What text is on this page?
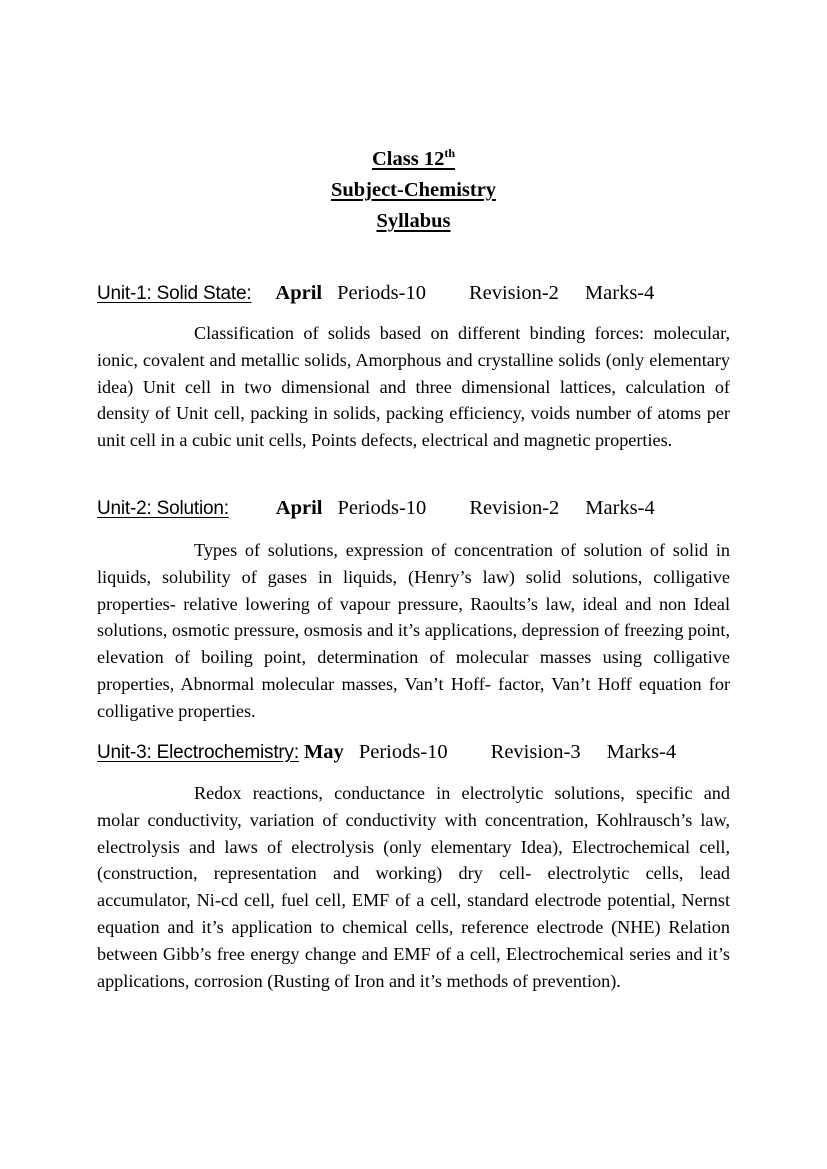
Class 12th
Subject-Chemistry
Syllabus
Unit-1: Solid State: April Periods-10 Revision-2 Marks-4
Classification of solids based on different binding forces: molecular, ionic, covalent and metallic solids, Amorphous and crystalline solids (only elementary idea) Unit cell in two dimensional and three dimensional lattices, calculation of density of Unit cell, packing in solids, packing efficiency, voids number of atoms per unit cell in a cubic unit cells, Points defects, electrical and magnetic properties.
Unit-2: Solution: April Periods-10 Revision-2 Marks-4
Types of solutions, expression of concentration of solution of solid in liquids, solubility of gases in liquids, (Henry’s law) solid solutions, colligative properties- relative lowering of vapour pressure, Raoults’s law, ideal and non Ideal solutions, osmotic pressure, osmosis and it’s applications, depression of freezing point, elevation of boiling point, determination of molecular masses using colligative properties, Abnormal molecular masses, Van’t Hoff- factor, Van’t Hoff equation for colligative properties.
Unit-3: Electrochemistry: May Periods-10 Revision-3 Marks-4
Redox reactions, conductance in electrolytic solutions, specific and molar conductivity, variation of conductivity with concentration, Kohlrausch’s law, electrolysis and laws of electrolysis (only elementary Idea), Electrochemical cell, (construction, representation and working) dry cell- electrolytic cells, lead accumulator, Ni-cd cell, fuel cell, EMF of a cell, standard electrode potential, Nernst equation and it’s application to chemical cells, reference electrode (NHE) Relation between Gibb’s free energy change and EMF of a cell, Electrochemical series and it’s applications, corrosion (Rusting of Iron and it’s methods of prevention).
